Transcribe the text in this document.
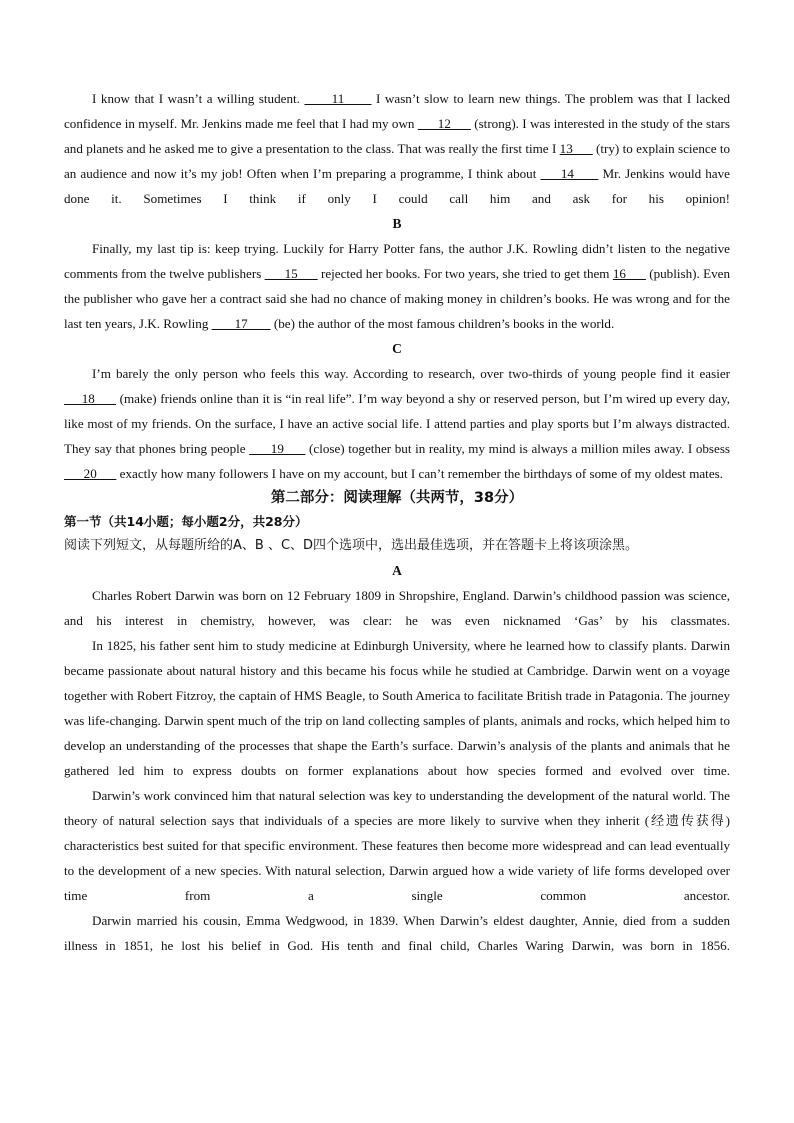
I know that I wasn’t a willing student.       11       I wasn’t slow to learn new things. The problem was that I lacked confidence in myself. Mr. Jenkins made me feel that I had my own       12       (strong). I was interested in the study of the stars and planets and he asked me to give a presentation to the class. That was really the first time I 13       (try) to explain science to an audience and now it’s my job! Often when I’m preparing a programme, I think about      14       Mr. Jenkins would have done it. Sometimes I think if only I could call him and ask for his opinion!

B

Finally, my last tip is: keep trying. Luckily for Harry Potter fans, the author J.K. Rowling didn’t listen to the negative comments from the twelve publishers       15       rejected her books. For two years, she tried to get them 16       (publish). Even the publisher who gave her a contract said she had no chance of making money in children’s books. He was wrong and for the last ten years, J.K. Rowling        17        (be) the author of the most famous children’s books in the world.

C

I’m barely the only person who feels this way. According to research, over two-thirds of young people find it easier      18       (make) friends online than it is “in real life”. I’m way beyond a shy or reserved person, but I’m wired up every day, like most of my friends. On the surface, I have an active social life. I attend parties and play sports but I’m always distracted. They say that phones bring people       19       (close) together but in reality, my mind is always a million miles away. I obsess       20       exactly how many followers I have on my account, but I can’t remember the birthdays of some of my oldest mates.

第二部分：阅读理解（共两节，38分）
第一节（共14小题；每小题2分，共28分）
阅读下列短文，从每题所给的A、B 、C、D四个选项中，选出最佳选项，并在答题卡上将该项涂黑。
A

Charles Robert Darwin was born on 12 February 1809 in Shropshire, England. Darwin’s childhood passion was science, and his interest in chemistry, however, was clear: he was even nicknamed ‘Gas’ by his classmates.

In 1825, his father sent him to study medicine at Edinburgh University, where he learned how to classify plants. Darwin became passionate about natural history and this became his focus while he studied at Cambridge. Darwin went on a voyage together with Robert Fitzroy, the captain of HMS Beagle, to South America to facilitate British trade in Patagonia. The journey was life-changing. Darwin spent much of the trip on land collecting samples of plants, animals and rocks, which helped him to develop an understanding of the processes that shape the Earth’s surface. Darwin’s analysis of the plants and animals that he gathered led him to express doubts on former explanations about how species formed and evolved over time.

Darwin’s work convinced him that natural selection was key to understanding the development of the natural world. The theory of natural selection says that individuals of a species are more likely to survive when they inherit (经遗传获得) characteristics best suited for that specific environment. These features then become more widespread and can lead eventually to the development of a new species. With natural selection, Darwin argued how a wide variety of life forms developed over time from a single common ancestor.

Darwin married his cousin, Emma Wedgwood, in 1839. When Darwin’s eldest daughter, Annie, died from a sudden illness in 1851, he lost his belief in God. His tenth and final child, Charles Waring Darwin, was born in 1856.
